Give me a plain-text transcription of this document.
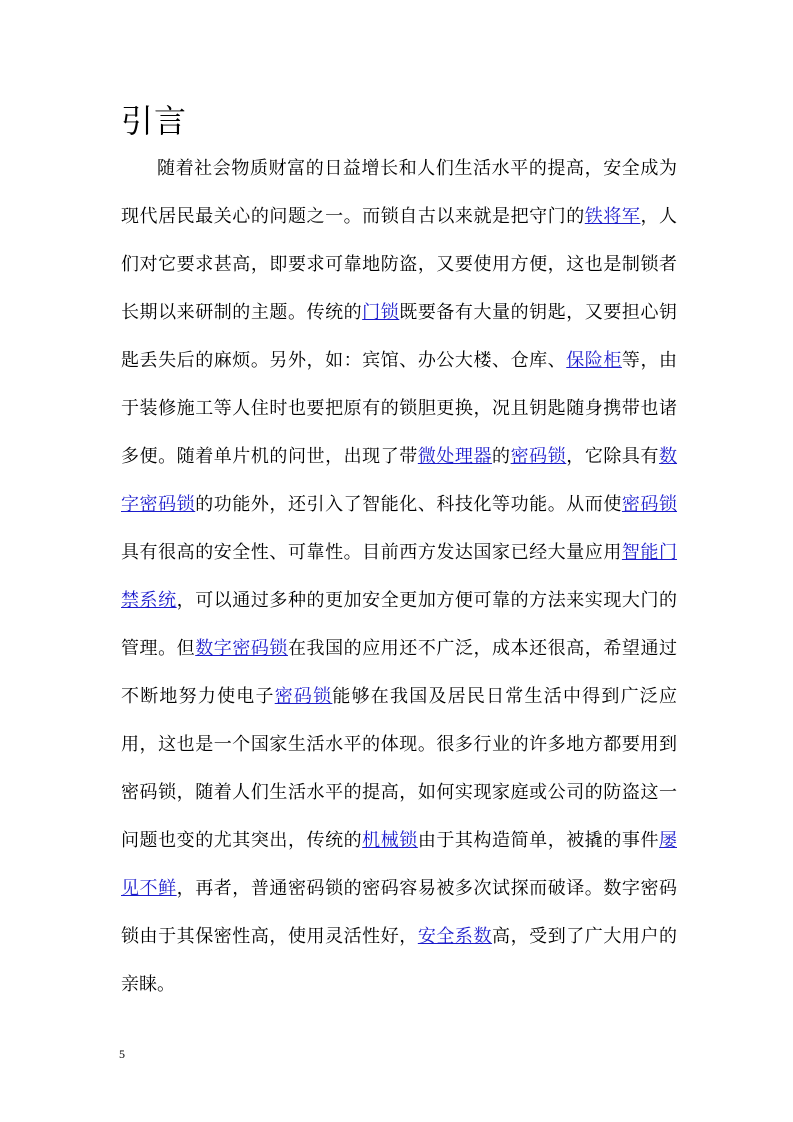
引言

随着社会物质财富的日益增长和人们生活水平的提高，安全成为现代居民最关心的问题之一。而锁自古以来就是把守门的铁将军，人们对它要求甚高，即要求可靠地防盗，又要使用方便，这也是制锁者长期以来研制的主题。传统的门锁既要备有大量的钥匙，又要担心钥匙丢失后的麻烦。另外，如：宾馆、办公大楼、仓库、保险柜等，由于装修施工等人住时也要把原有的锁胆更换，况且钥匙随身携带也诸多便。随着单片机的问世，出现了带微处理器的密码锁，它除具有数字密码锁的功能外，还引入了智能化、科技化等功能。从而使密码锁具有很高的安全性、可靠性。目前西方发达国家已经大量应用智能门禁系统，可以通过多种的更加安全更加方便可靠的方法来实现大门的管理。但数字密码锁在我国的应用还不广泛，成本还很高，希望通过不断地努力使电子密码锁能够在我国及居民日常生活中得到广泛应用，这也是一个国家生活水平的体现。很多行业的许多地方都要用到密码锁，随着人们生活水平的提高，如何实现家庭或公司的防盗这一问题也变的尤其突出，传统的机械锁由于其构造简单，被撬的事件屡见不鲜，再者，普通密码锁的密码容易被多次试探而破译。数字密码锁由于其保密性高，使用灵活性好，安全系数高，受到了广大用户的亲睐。

5
